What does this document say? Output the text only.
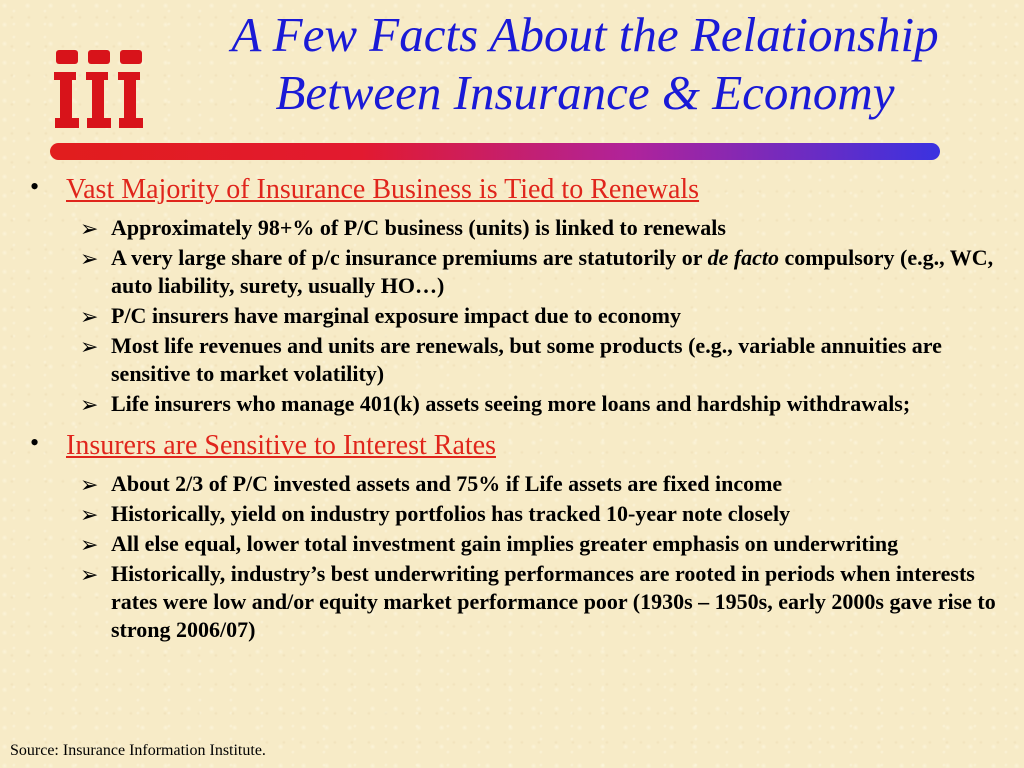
A Few Facts About the Relationship
Between Insurance & Economy
• Vast Majority of Insurance Business is Tied to Renewals
➢ Approximately 98+% of P/C business (units) is linked to renewals
➢ A very large share of p/c insurance premiums are statutorily or de facto compulsory (e.g., WC, auto liability, surety, usually HO…)
➢ P/C insurers have marginal exposure impact due to economy
➢ Most life revenues and units are renewals, but some products (e.g., variable annuities are sensitive to market volatility)
➢ Life insurers who manage 401(k) assets seeing more loans and hardship withdrawals;
• Insurers are Sensitive to Interest Rates
➢ About 2/3 of P/C invested assets and 75% if Life assets are fixed income
➢ Historically, yield on industry portfolios has tracked 10-year note closely
➢ All else equal, lower total investment gain implies greater emphasis on underwriting
➢ Historically, industry’s best underwriting performances are rooted in periods when interests rates were low and/or equity market performance poor (1930s – 1950s, early 2000s gave rise to strong 2006/07)
Source: Insurance Information Institute.
